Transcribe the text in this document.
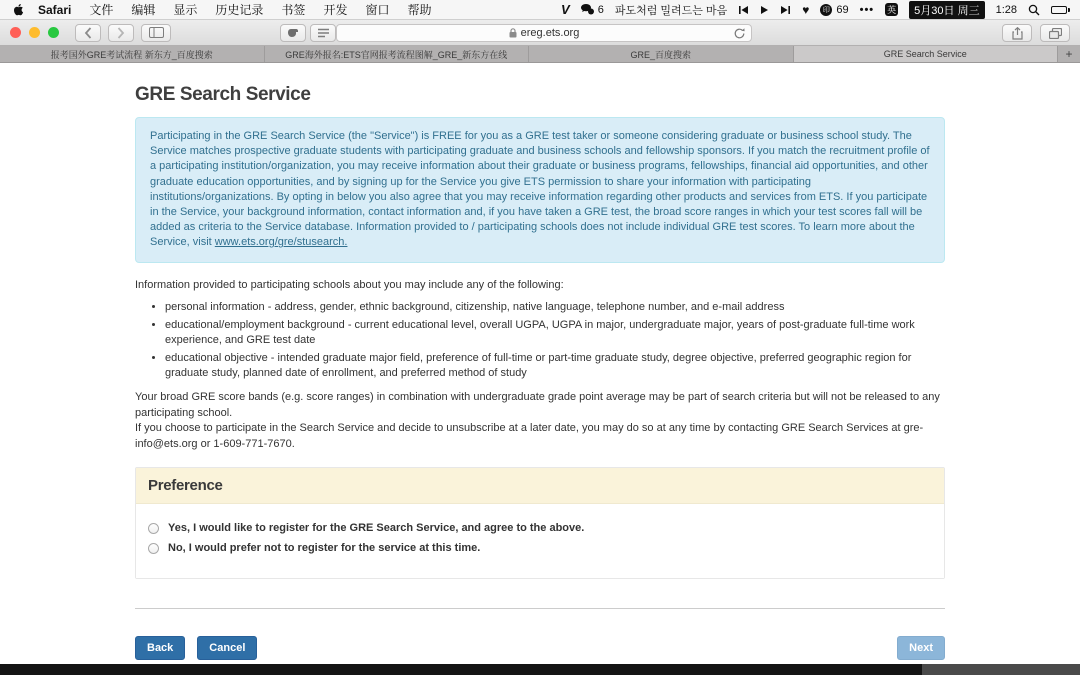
Safari	文件	编辑	显示	历史记录	书签	开发	窗口	帮助	V	6 파도처럼 밀려드는 마음	♥	印 69 ••• 英	5月30日 周三	1:28
ereg.ets.org
报考国外GRE考试流程 新东方_百度搜索	GRE海外报名:ETS官网报考流程图解_GRE_新东方在线	GRE_百度搜索	GRE Search Service	+
GRE Search Service
Participating in the GRE Search Service (the "Service") is FREE for you as a GRE test taker or someone considering graduate or business school study. The Service matches prospective graduate students with participating graduate and business schools and fellowship sponsors. If you match the recruitment profile of a participating institution/organization, you may receive information about their graduate or business programs, fellowships, financial aid opportunities, and other graduate education opportunities, and by signing up for the Service you give ETS permission to share your information with participating institutions/organizations. By opting in below you also agree that you may receive information regarding other products and services from ETS. If you participate in the Service, your background information, contact information and, if you have taken a GRE test, the broad score ranges in which your test scores fall will be added as criteria to the Service database. Information provided to / participating schools does not include individual GRE test scores. To learn more about the Service, visit www.ets.org/gre/stusearch.

Information provided to participating schools about you may include any of the following:

• personal information - address, gender, ethnic background, citizenship, native language, telephone number, and e-mail address
• educational/employment background - current educational level, overall UGPA, UGPA in major, undergraduate major, years of post-graduate full-time work experience, and GRE test date
• educational objective - intended graduate major field, preference of full-time or part-time graduate study, degree objective, preferred geographic region for graduate study, planned date of enrollment, and preferred method of study

Your broad GRE score bands (e.g. score ranges) in combination with undergraduate grade point average may be part of search criteria but will not be released to any participating school.

If you choose to participate in the Search Service and decide to unsubscribe at a later date, you may do so at any time by contacting GRE Search Services at gre-info@ets.org or 1-609-771-7670.

Preference
Yes, I would like to register for the GRE Search Service, and agree to the above.
No, I would prefer not to register for the service at this time.
Back	Cancel	Next
